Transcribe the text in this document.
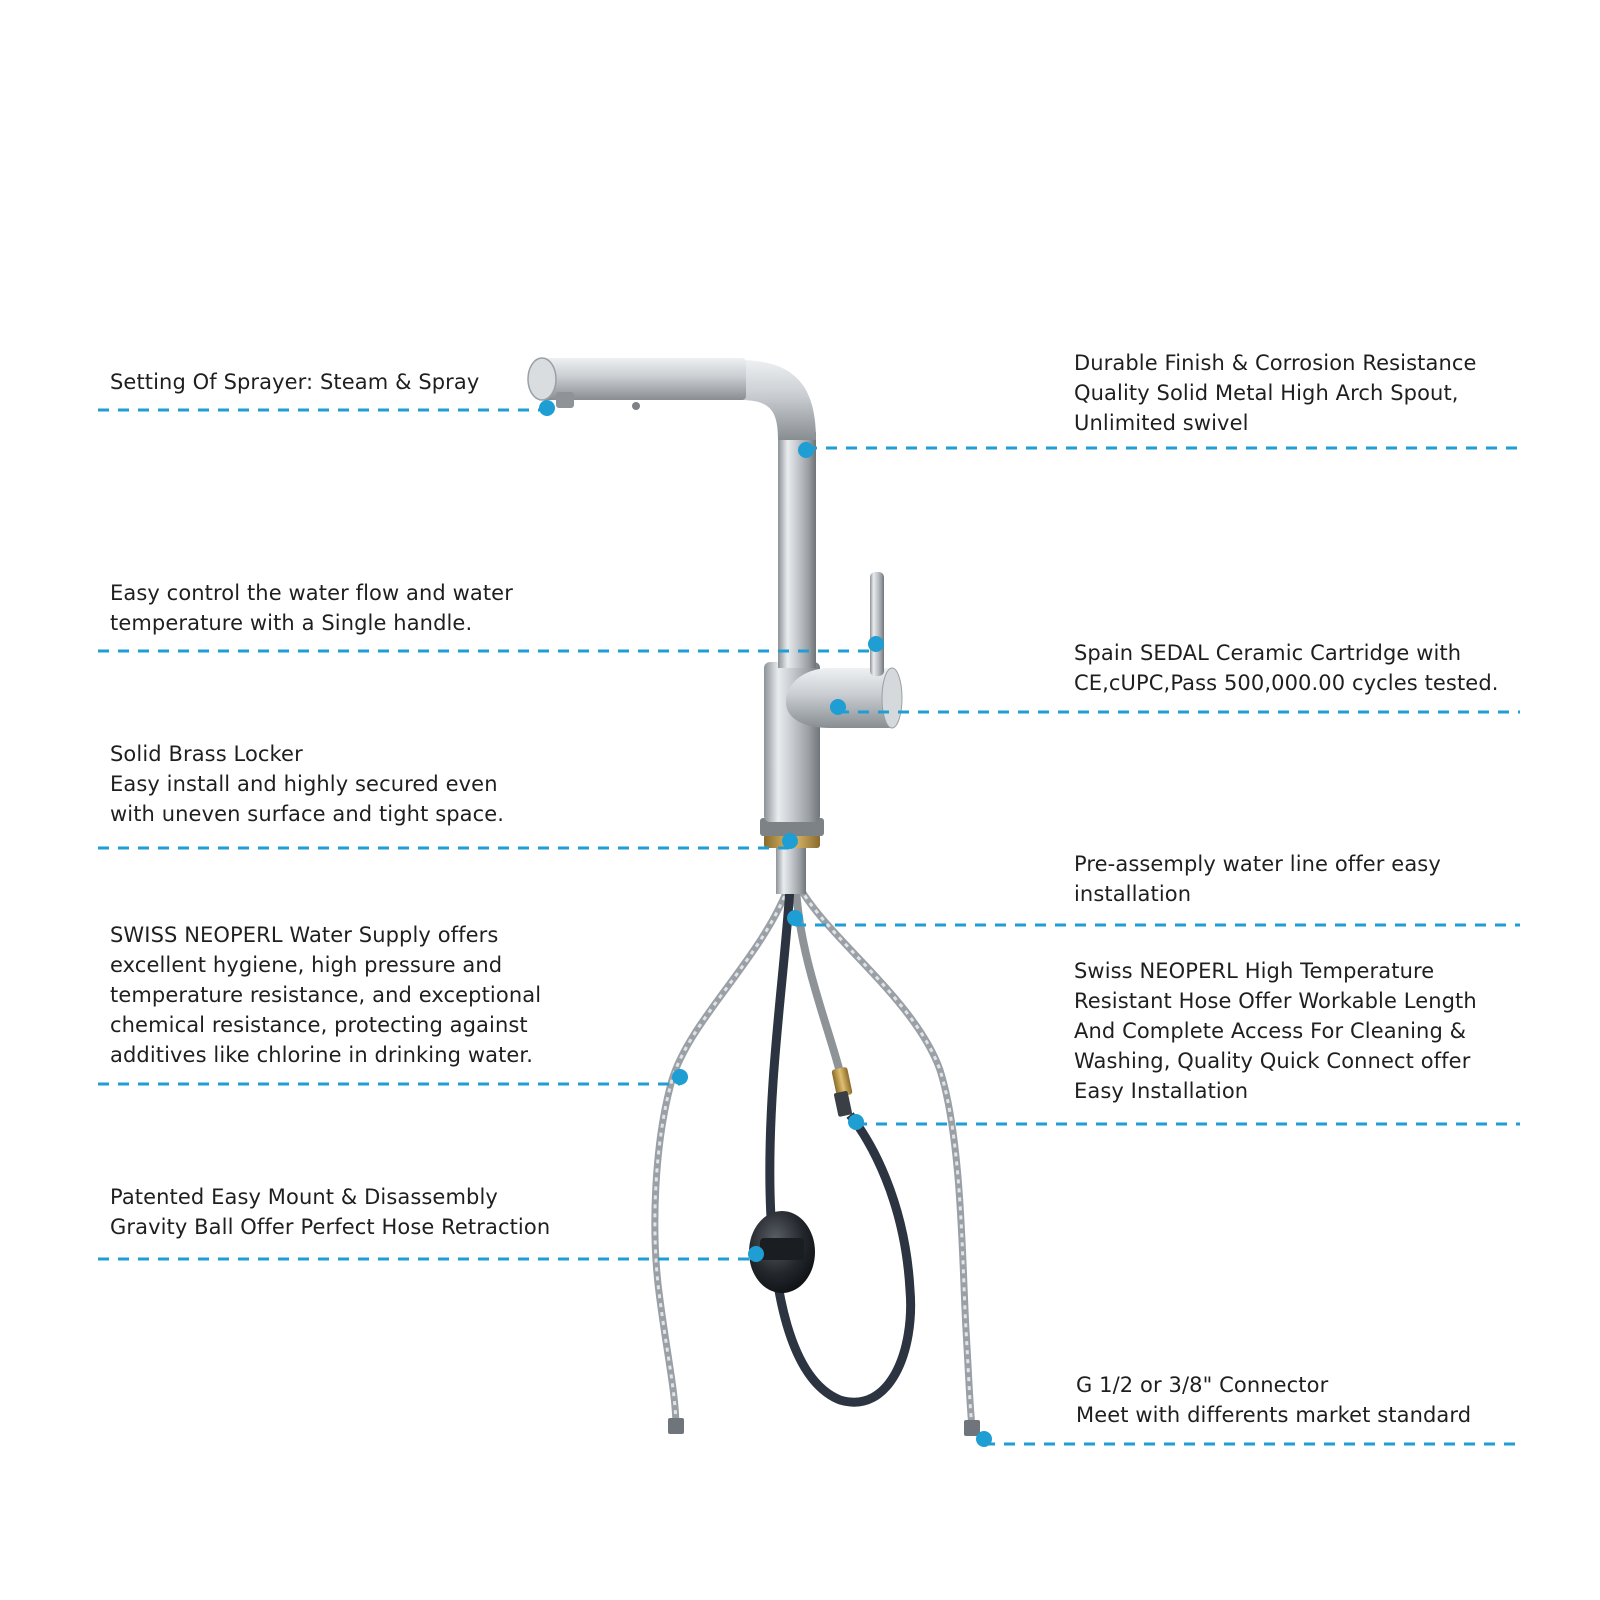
Setting Of Sprayer: Steam & Spray
Durable Finish & Corrosion Resistance
Quality Solid Metal High Arch Spout,
Unlimited swivel
Easy control the water flow and water
temperature with a Single handle.
Spain SEDAL Ceramic Cartridge with
CE,cUPC,Pass 500,000.00 cycles tested.
Solid Brass Locker
Easy install and highly secured even
with uneven surface and tight space.
Pre-assemply water line offer easy
installation
SWISS NEOPERL Water Supply offers
excellent hygiene, high pressure and
temperature resistance, and exceptional
chemical resistance, protecting against
additives like chlorine in drinking water.
Swiss NEOPERL High Temperature
Resistant Hose Offer Workable Length
And Complete Access For Cleaning &
Washing, Quality Quick Connect offer
Easy Installation
Patented Easy Mount & Disassembly
Gravity Ball Offer Perfect Hose Retraction
G 1/2 or 3/8" Connector
Meet with differents market standard
